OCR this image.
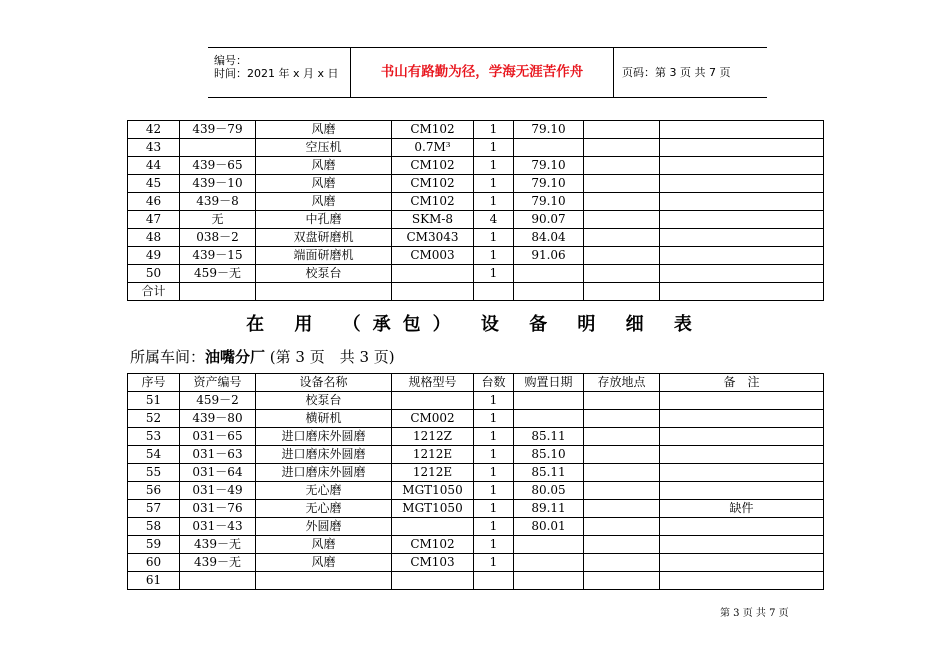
编号：
时间：2021 年 x 月 x 日	书山有路勤为径，学海无涯苦作舟	页码：第 3 页 共 7 页
42	439－79	风磨	CM102	1	79.10		
43		空压机	0.7M³	1			
44	439－65	风磨	CM102	1	79.10		
45	439－10	风磨	CM102	1	79.10		
46	439－8	风磨	CM102	1	79.10		
47	无	中孔磨	SKM-8	4	90.07		
48	038－2	双盘研磨机	CM3043	1	84.04		
49	439－15	端面研磨机	CM003	1	91.06		
50	459－无	校泵台		1			
合计							
在 用 （承包） 设 备 明 细 表
所属车间：油嘴分厂 (第 3 页　共 3 页)
序号	资产编号	设备名称	规格型号	台数	购置日期	存放地点	备　注
51	459－2	校泵台		1			
52	439－80	横研机	CM002	1			
53	031－65	进口磨床外圆磨	1212Z	1	85.11		
54	031－63	进口磨床外圆磨	1212E	1	85.10		
55	031－64	进口磨床外圆磨	1212E	1	85.11		
56	031－49	无心磨	MGT1050	1	80.05		
57	031－76	无心磨	MGT1050	1	89.11		缺件
58	031－43	外圆磨		1	80.01		
59	439－无	风磨	CM102	1			
60	439－无	风磨	CM103	1			
61							
第 3 页 共 7 页
